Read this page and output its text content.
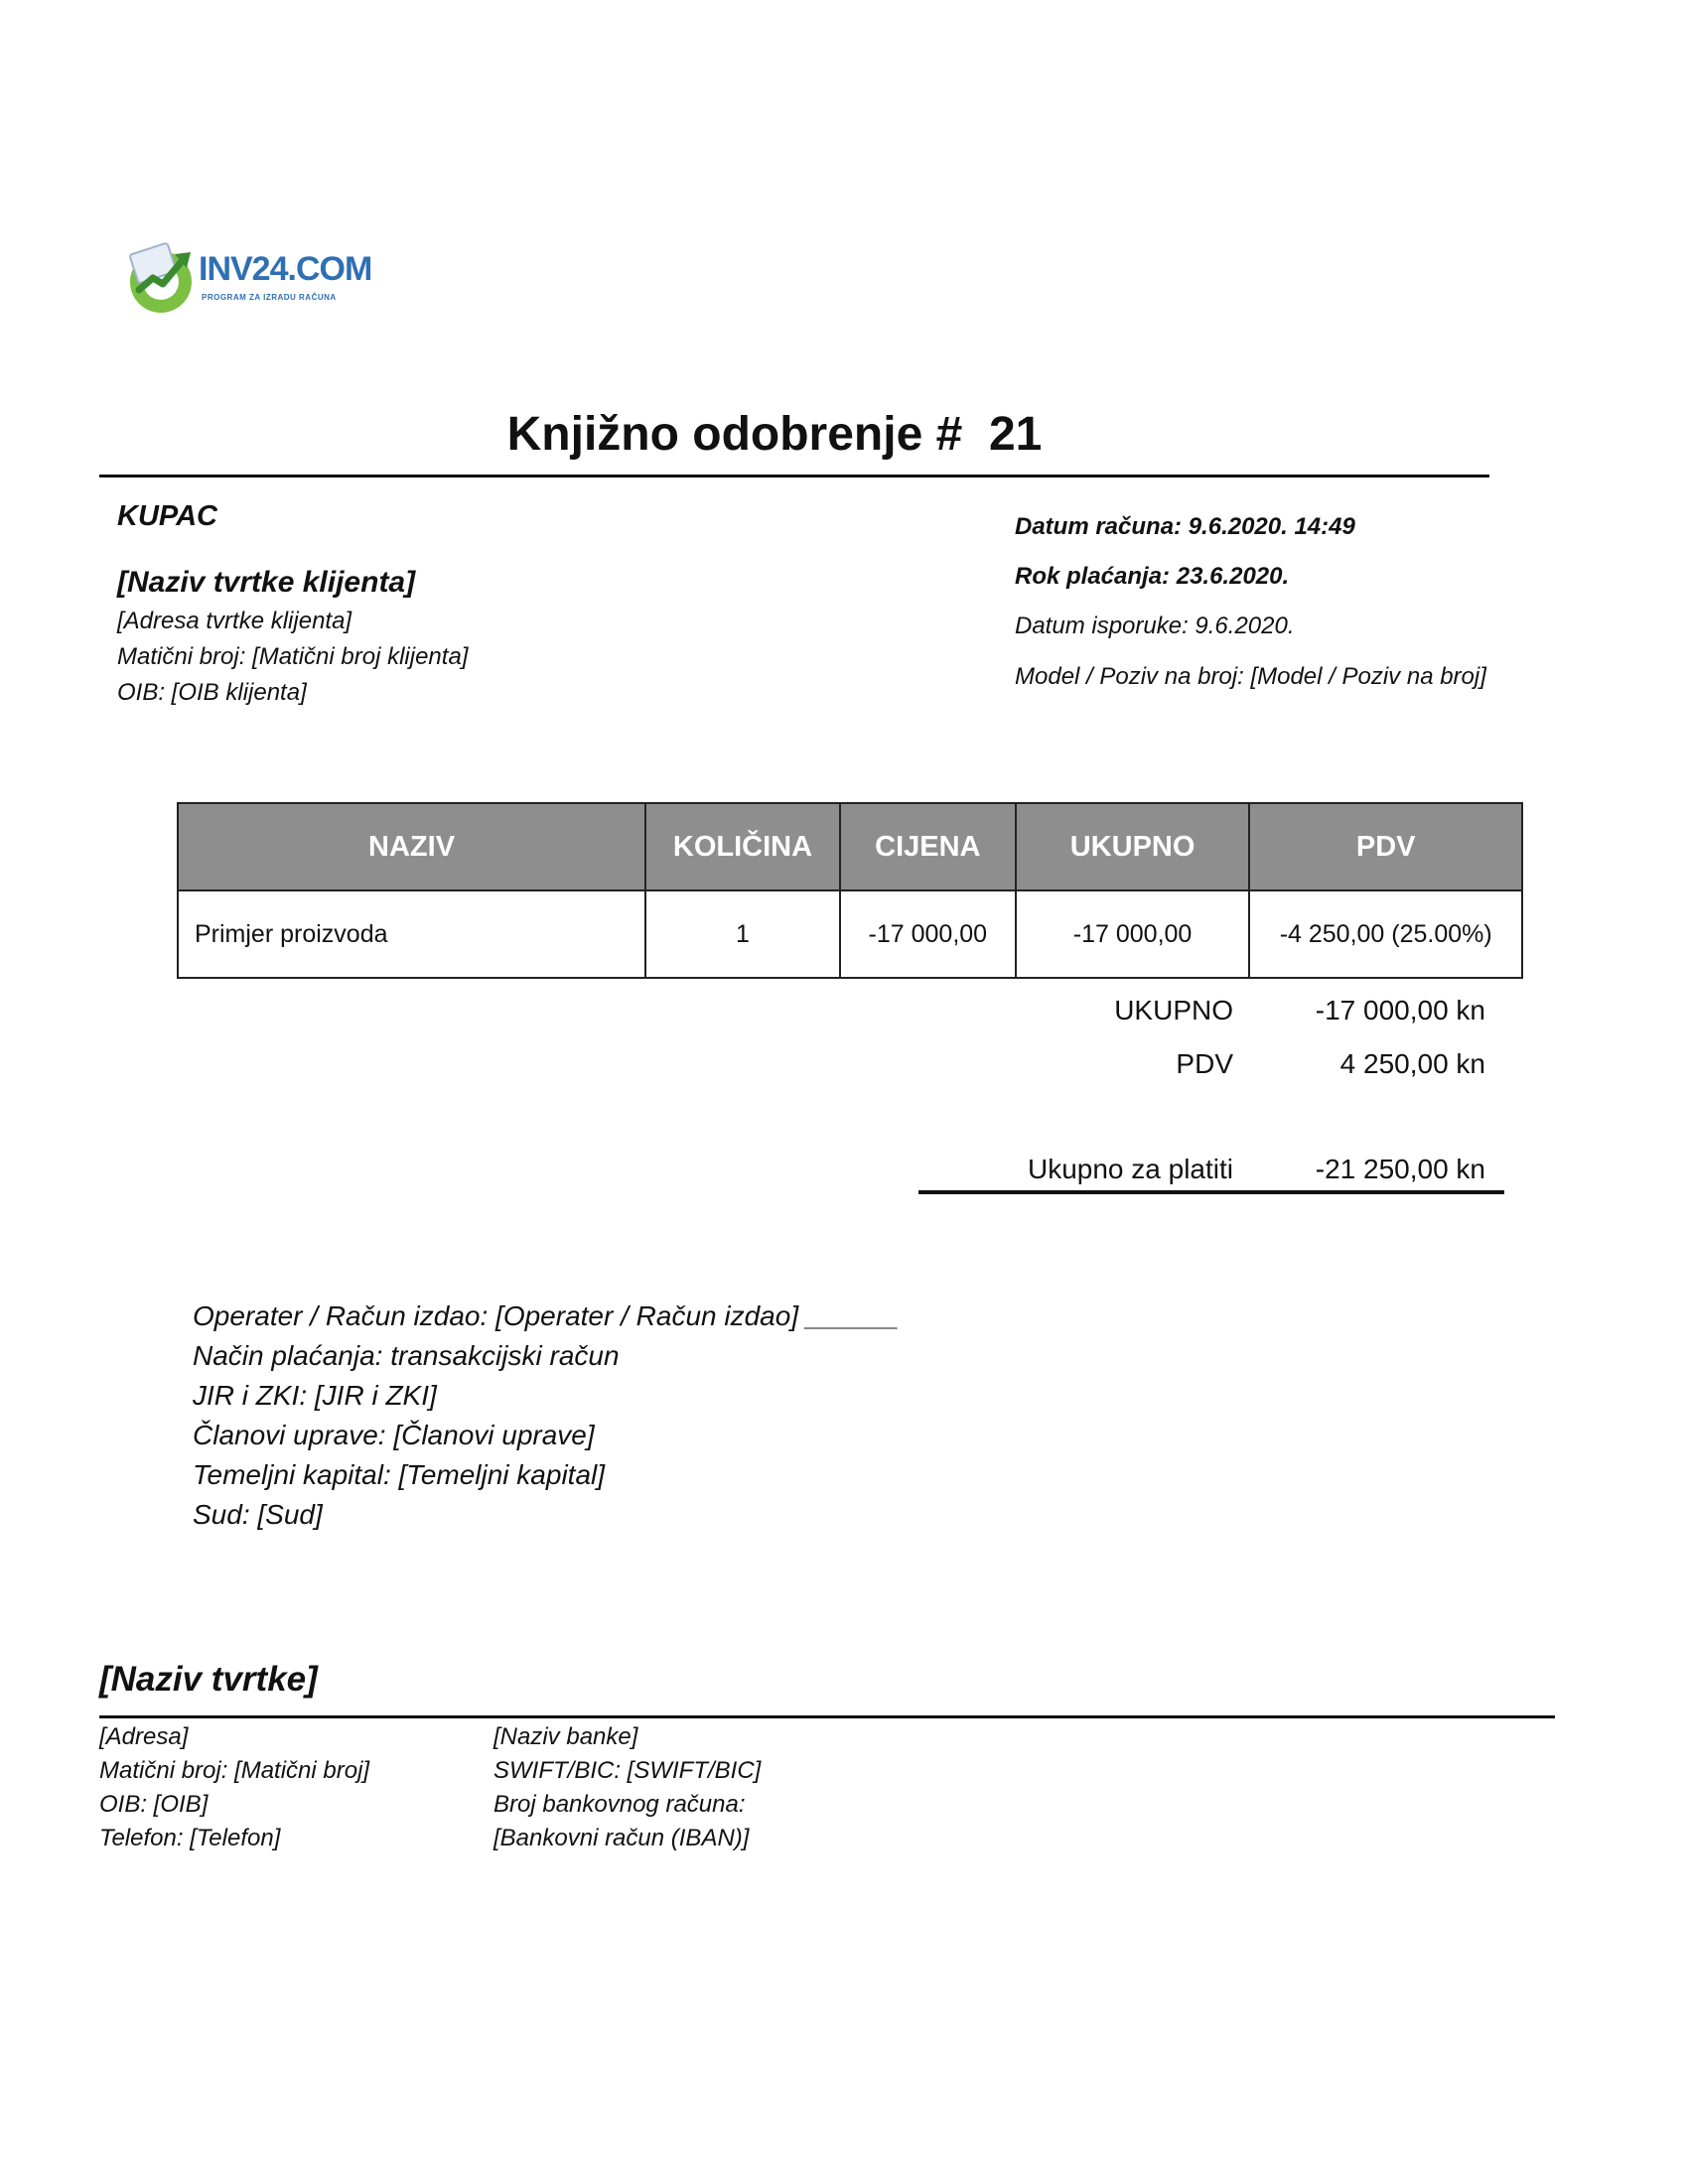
INV24.COM
PROGRAM ZA IZRADU RAČUNA
Knjižno odobrenje #  21
KUPAC
[Naziv tvrtke klijenta]
[Adresa tvrtke klijenta]
Matični broj: [Matični broj klijenta]
OIB: [OIB klijenta]
Datum računa: 9.6.2020. 14:49
Rok plaćanja: 23.6.2020.
Datum isporuke: 9.6.2020.
Model / Poziv na broj: [Model / Poziv na broj]
NAZIV	KOLIČINA	CIJENA	UKUPNO	PDV
Primjer proizvoda	1	-17 000,00	-17 000,00	-4 250,00 (25.00%)
UKUPNO	-17 000,00 kn
PDV	4 250,00 kn
Ukupno za platiti	-21 250,00 kn
Operater / Račun izdao: [Operater / Račun izdao] ______
Način plaćanja: transakcijski račun
JIR i ZKI: [JIR i ZKI]
Članovi uprave: [Članovi uprave]
Temeljni kapital: [Temeljni kapital]
Sud: [Sud]
[Naziv tvrtke]
[Adresa]
Matični broj: [Matični broj]
OIB: [OIB]
Telefon: [Telefon]
[Naziv banke]
SWIFT/BIC: [SWIFT/BIC]
Broj bankovnog računa:
[Bankovni račun (IBAN)]
